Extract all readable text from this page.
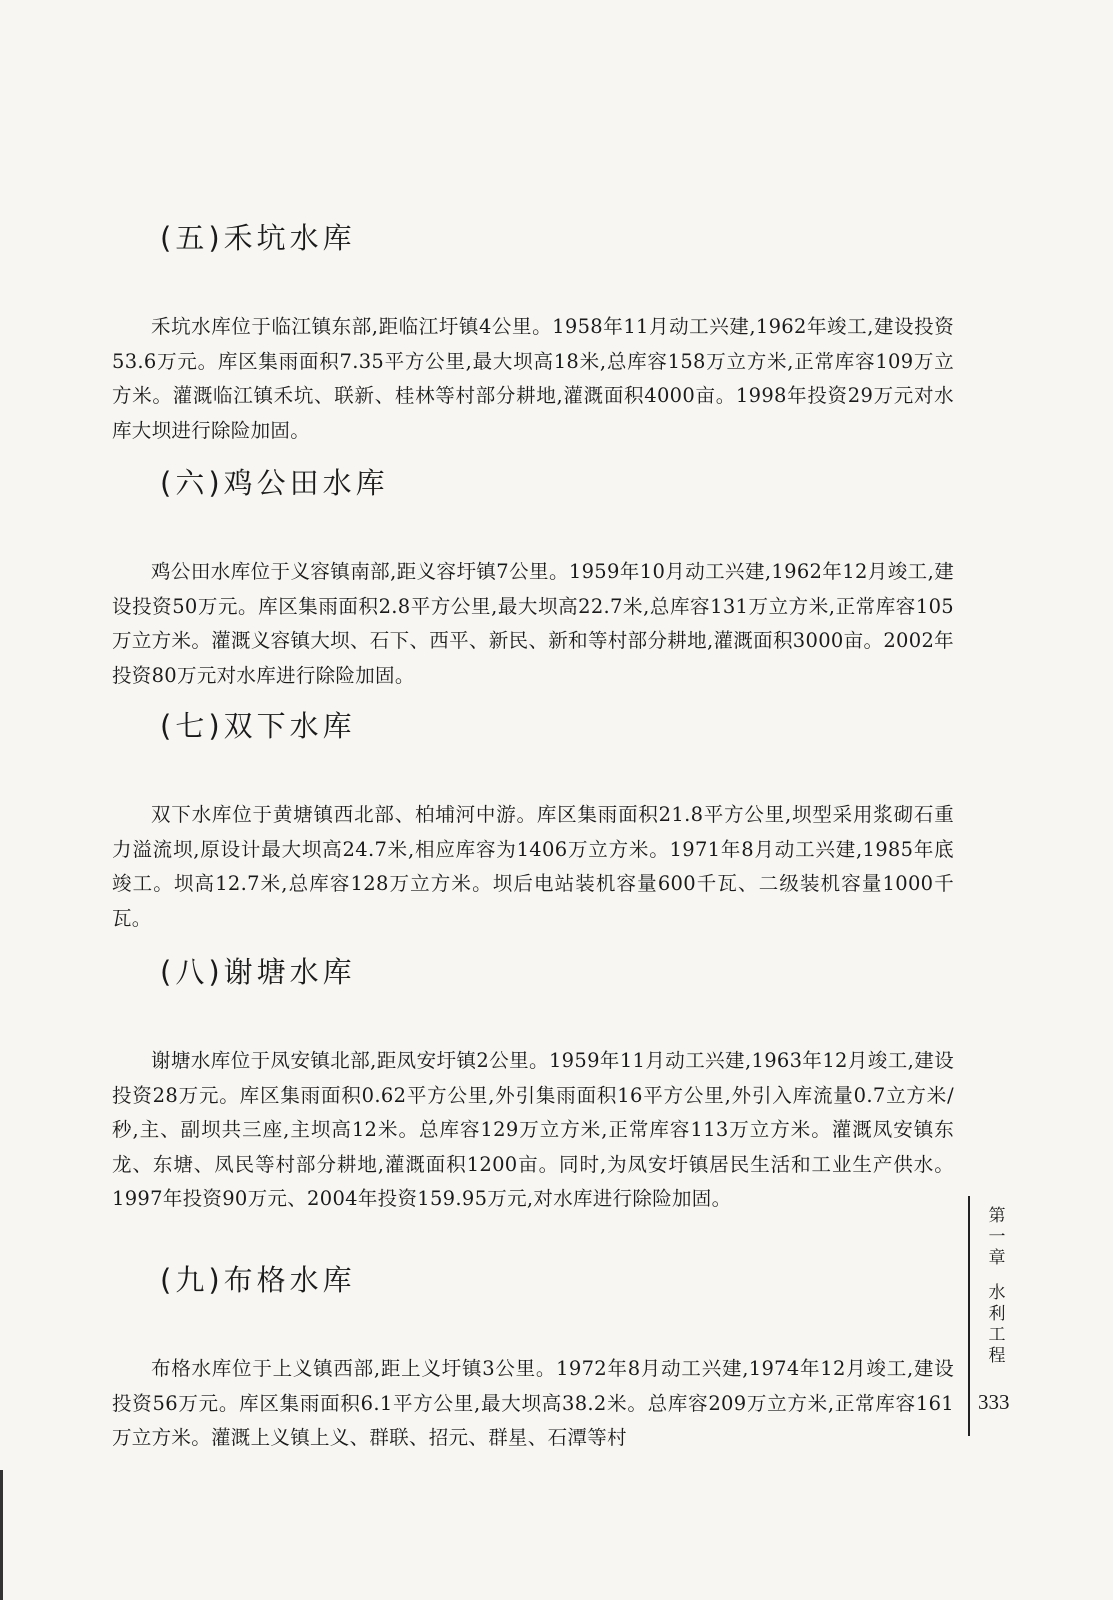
(五)禾坑水库

禾坑水库位于临江镇东部,距临江圩镇4公里。1958年11月动工兴建,1962年竣工,建设投资53.6万元。库区集雨面积7.35平方公里,最大坝高18米,总库容158万立方米,正常库容109万立方米。灌溉临江镇禾坑、联新、桂林等村部分耕地,灌溉面积4000亩。1998年投资29万元对水库大坝进行除险加固。

(六)鸡公田水库

鸡公田水库位于义容镇南部,距义容圩镇7公里。1959年10月动工兴建,1962年12月竣工,建设投资50万元。库区集雨面积2.8平方公里,最大坝高22.7米,总库容131万立方米,正常库容105万立方米。灌溉义容镇大坝、石下、西平、新民、新和等村部分耕地,灌溉面积3000亩。2002年投资80万元对水库进行除险加固。

(七)双下水库

双下水库位于黄塘镇西北部、柏埔河中游。库区集雨面积21.8平方公里,坝型采用浆砌石重力溢流坝,原设计最大坝高24.7米,相应库容为1406万立方米。1971年8月动工兴建,1985年底竣工。坝高12.7米,总库容128万立方米。坝后电站装机容量600千瓦、二级装机容量1000千瓦。

(八)谢塘水库

谢塘水库位于凤安镇北部,距凤安圩镇2公里。1959年11月动工兴建,1963年12月竣工,建设投资28万元。库区集雨面积0.62平方公里,外引集雨面积16平方公里,外引入库流量0.7立方米/秒,主、副坝共三座,主坝高12米。总库容129万立方米,正常库容113万立方米。灌溉凤安镇东龙、东塘、凤民等村部分耕地,灌溉面积1200亩。同时,为凤安圩镇居民生活和工业生产供水。1997年投资90万元、2004年投资159.95万元,对水库进行除险加固。

(九)布格水库

布格水库位于上义镇西部,距上义圩镇3公里。1972年8月动工兴建,1974年12月竣工,建设投资56万元。库区集雨面积6.1平方公里,最大坝高38.2米。总库容209万立方米,正常库容161万立方米。灌溉上义镇上义、群联、招元、群星、石潭等村

第一章
水利工程
333
